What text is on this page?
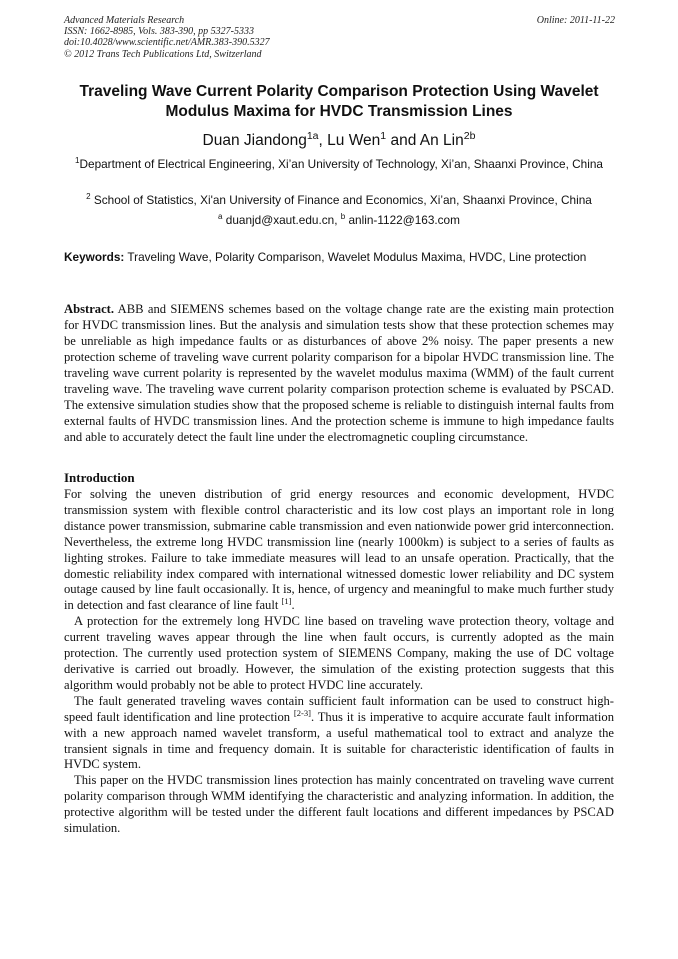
Advanced Materials Research
ISSN: 1662-8985, Vols. 383-390, pp 5327-5333
doi:10.4028/www.scientific.net/AMR.383-390.5327
© 2012 Trans Tech Publications Ltd, Switzerland
Online: 2011-11-22
Traveling Wave Current Polarity Comparison Protection Using Wavelet Modulus Maxima for HVDC Transmission Lines
Duan Jiandong$^{1a}$, Lu Wen$^1$ and An Lin$^{2b}$
$^1$Department of Electrical Engineering, Xi’an University of Technology, Xi’an, Shaanxi Province, China
$^2$ School of Statistics, Xi'an University of Finance and Economics, Xi’an, Shaanxi Province, China
$^a$ duanjd@xaut.edu.cn, $^b$ anlin-1122@163.com
Keywords: Traveling Wave, Polarity Comparison, Wavelet Modulus Maxima, HVDC, Line protection
Abstract. ABB and SIEMENS schemes based on the voltage change rate are the existing main protection for HVDC transmission lines. But the analysis and simulation tests show that these protection schemes may be unreliable as high impedance faults or as disturbances of above 2% noisy. The paper presents a new protection scheme of traveling wave current polarity comparison for a bipolar HVDC transmission line. The traveling wave current polarity is represented by the wavelet modulus maxima (WMM) of the fault current traveling wave. The traveling wave current polarity comparison protection scheme is evaluated by PSCAD. The extensive simulation studies show that the proposed scheme is reliable to distinguish internal faults from external faults of HVDC transmission lines. And the protection scheme is immune to high impedance faults and able to accurately detect the fault line under the electromagnetic coupling circumstance.
Introduction

For solving the uneven distribution of grid energy resources and economic development, HVDC transmission system with flexible control characteristic and its low cost plays an important role in long distance power transmission, submarine cable transmission and even nationwide power grid interconnection. Nevertheless, the extreme long HVDC transmission line (nearly 1000km) is subject to a series of faults as lighting strokes. Failure to take immediate measures will lead to an unsafe operation. Practically, that the domestic reliability index compared with international witnessed domestic lower reliability and DC system outage caused by line fault occasionally. It is, hence, of urgency and meaningful to make much further study in detection and fast clearance of line fault [1].

A protection for the extremely long HVDC line based on traveling wave protection theory, voltage and current traveling waves appear through the line when fault occurs, is currently adopted as the main protection. The currently used protection system of SIEMENS Company, making the use of DC voltage derivative is carried out broadly. However, the simulation of the existing protection suggests that this algorithm would probably not be able to protect HVDC line accurately.

The fault generated traveling waves contain sufficient fault information can be used to construct high-speed fault identification and line protection [2-3]. Thus it is imperative to acquire accurate fault information with a new approach named wavelet transform, a useful mathematical tool to extract and analyze the transient signals in time and frequency domain. It is suitable for characteristic identification of faults in HVDC system.

This paper on the HVDC transmission lines protection has mainly concentrated on traveling wave current polarity comparison through WMM identifying the characteristic and analyzing information. In addition, the protective algorithm will be tested under the different fault locations and different impedances by PSCAD simulation.
